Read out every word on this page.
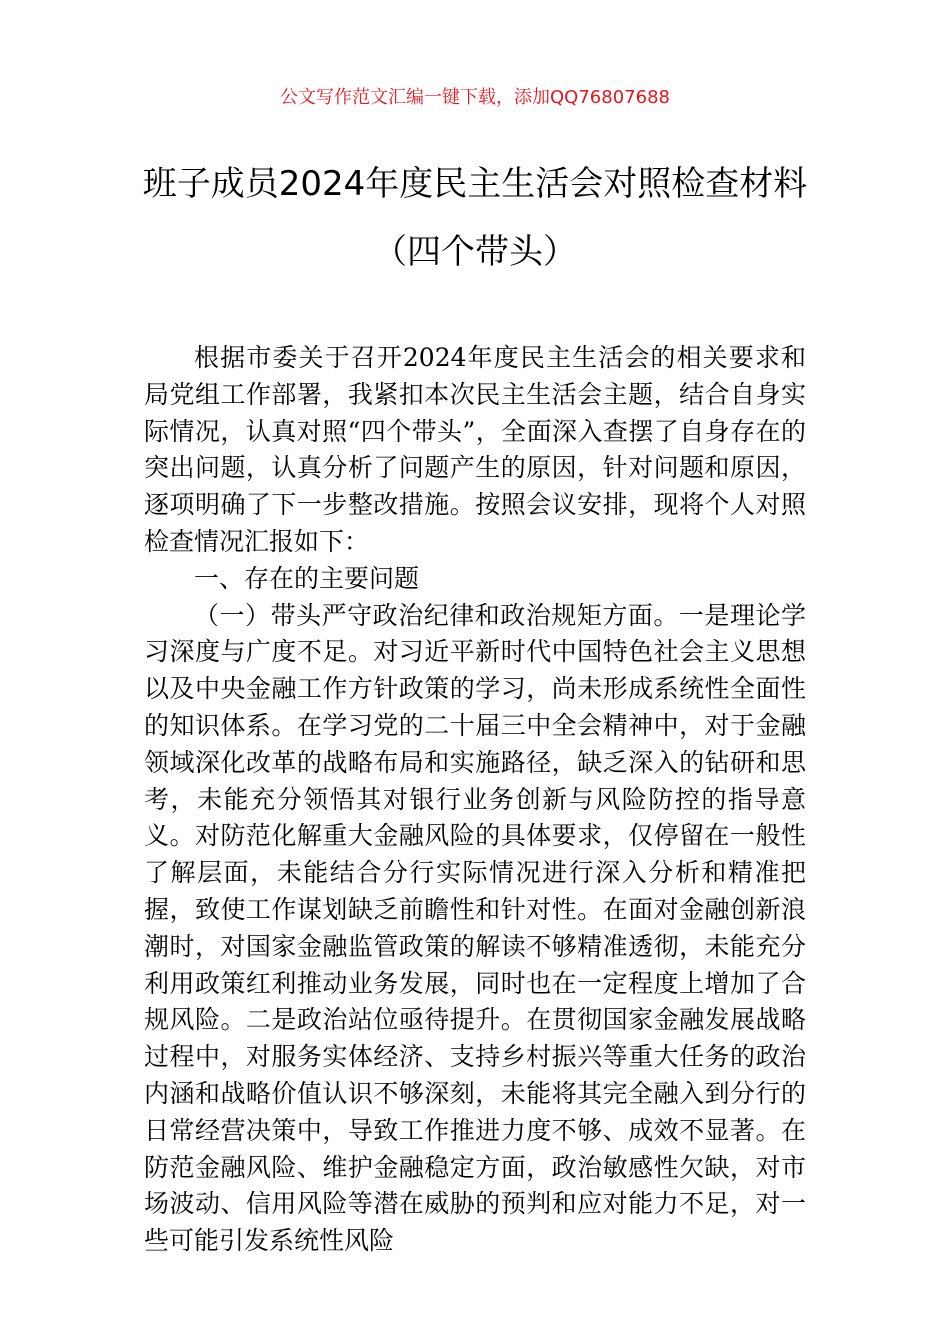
公文写作范文汇编一键下载，添加QQ76807688
班子成员2024年度民主生活会对照检查材料（四个带头）

根据市委关于召开2024年度民主生活会的相关要求和局党组工作部署，我紧扣本次民主生活会主题，结合自身实际情况，认真对照“四个带头”，全面深入查摆了自身存在的突出问题，认真分析了问题产生的原因，针对问题和原因，逐项明确了下一步整改措施。按照会议安排，现将个人对照检查情况汇报如下：

一、存在的主要问题

（一）带头严守政治纪律和政治规矩方面。一是理论学习深度与广度不足。对习近平新时代中国特色社会主义思想以及中央金融工作方针政策的学习，尚未形成系统性全面性的知识体系。在学习党的二十届三中全会精神中，对于金融领域深化改革的战略布局和实施路径，缺乏深入的钻研和思考，未能充分领悟其对银行业务创新与风险防控的指导意义。对防范化解重大金融风险的具体要求，仅停留在一般性了解层面，未能结合分行实际情况进行深入分析和精准把握，致使工作谋划缺乏前瞻性和针对性。在面对金融创新浪潮时，对国家金融监管政策的解读不够精准透彻，未能充分利用政策红利推动业务发展，同时也在一定程度上增加了合规风险。二是政治站位亟待提升。在贯彻国家金融发展战略过程中，对服务实体经济、支持乡村振兴等重大任务的政治内涵和战略价值认识不够深刻，未能将其完全融入到分行的日常经营决策中，导致工作推进力度不够、成效不显著。在防范金融风险、维护金融稳定方面，政治敏感性欠缺，对市场波动、信用风险等潜在威胁的预判和应对能力不足，对一些可能引发系统性风险
